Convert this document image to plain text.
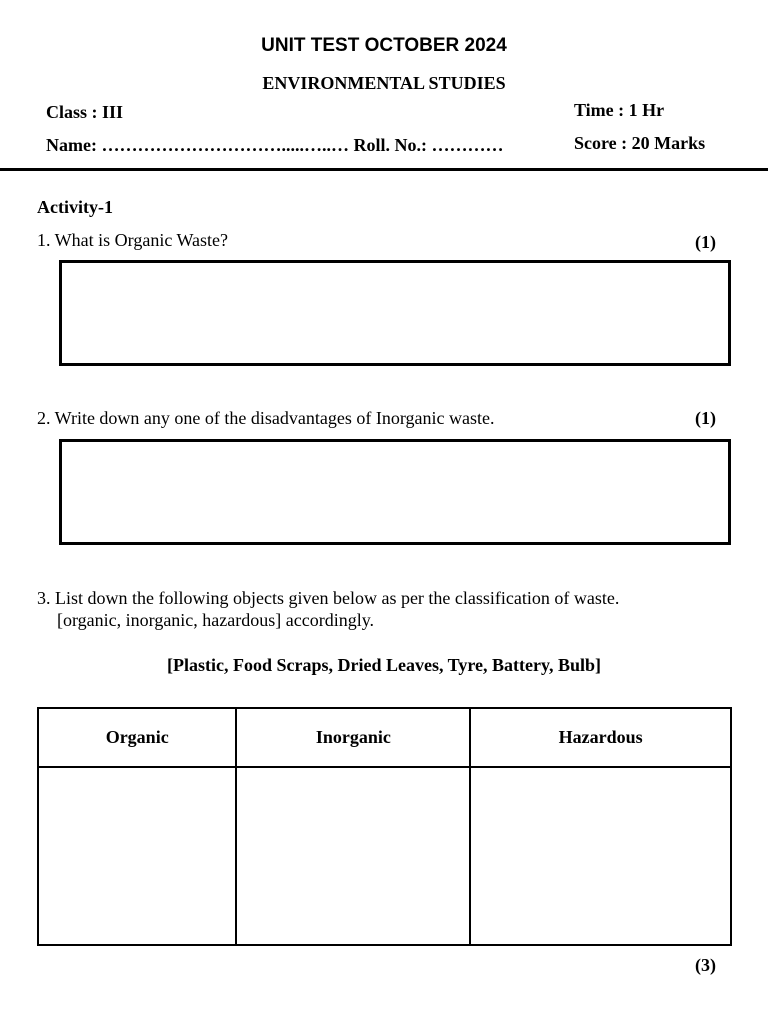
UNIT TEST OCTOBER 2024
ENVIRONMENTAL STUDIES
Class : III	Time : 1 Hr
Name: ………………………….....…..… Roll. No.: …………	Score : 20 Marks
Activity-1
1. What is Organic Waste?	(1)
2. Write down any one of the disadvantages of Inorganic waste.	(1)
3. List down the following objects given below as per the classification of waste.
[organic, inorganic, hazardous] accordingly.
[Plastic, Food Scraps, Dried Leaves, Tyre, Battery, Bulb]
Organic	Inorganic	Hazardous

(3)
